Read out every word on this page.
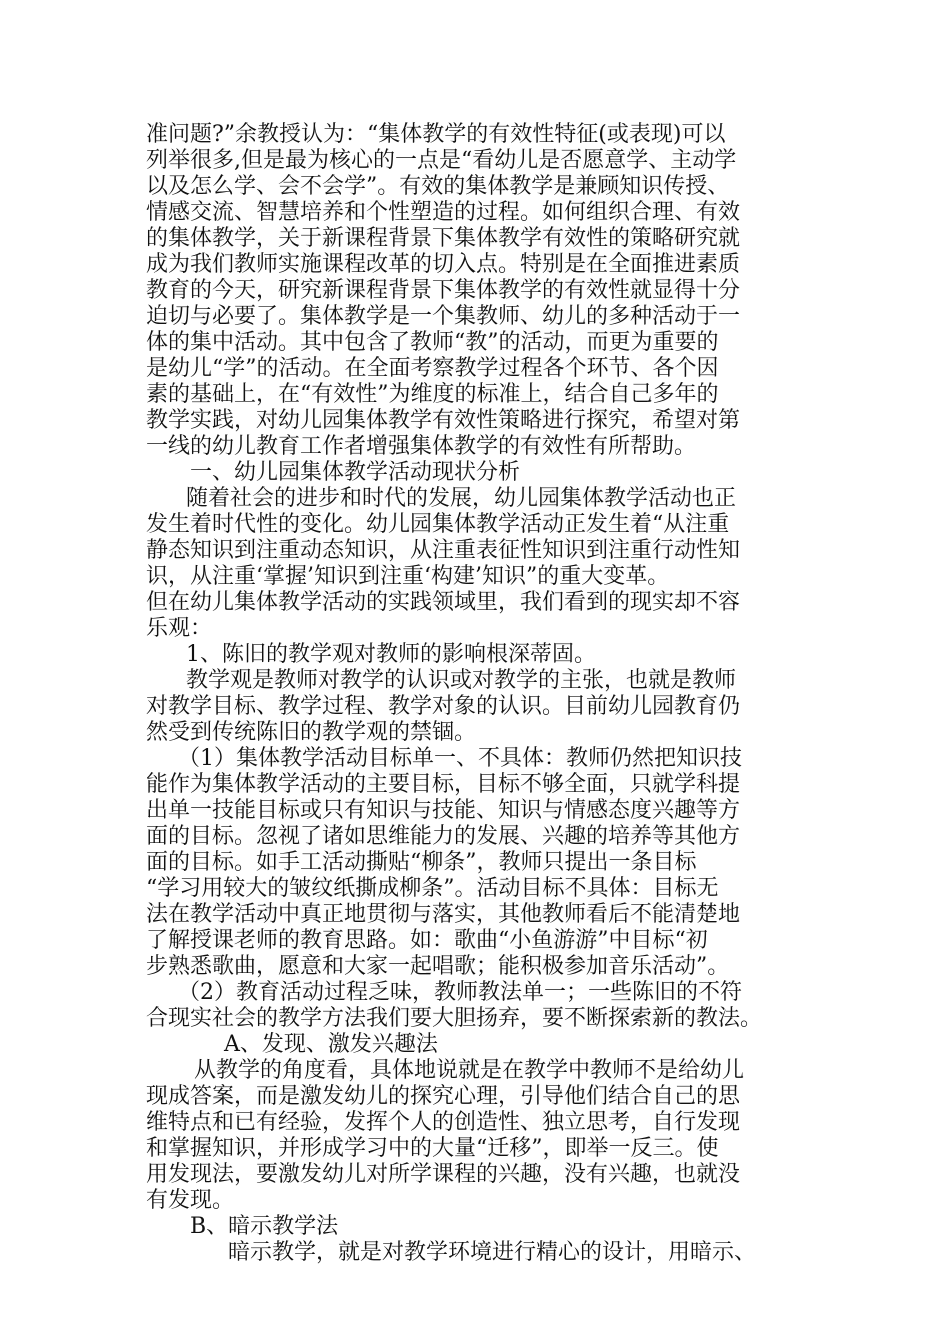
准问题?”余教授认为：“集体教学的有效性特征(或表现)可以
列举很多,但是最为核心的一点是“看幼儿是否愿意学、主动学
以及怎么学、会不会学”。有效的集体教学是兼顾知识传授、
情感交流、智慧培养和个性塑造的过程。如何组织合理、有效
的集体教学，关于新课程背景下集体教学有效性的策略研究就
成为我们教师实施课程改革的切入点。特别是在全面推进素质
教育的今天，研究新课程背景下集体教学的有效性就显得十分
迫切与必要了。集体教学是一个集教师、幼儿的多种活动于一
体的集中活动。其中包含了教师“教”的活动，而更为重要的
是幼儿“学”的活动。在全面考察教学过程各个环节、各个因
素的基础上，在“有效性”为维度的标准上，结合自己多年的
教学实践，对幼儿园集体教学有效性策略进行探究，希望对第
一线的幼儿教育工作者增强集体教学的有效性有所帮助。
一、幼儿园集体教学活动现状分析
随着社会的进步和时代的发展，幼儿园集体教学活动也正
发生着时代性的变化。幼儿园集体教学活动正发生着“从注重
静态知识到注重动态知识，从注重表征性知识到注重行动性知
识，从注重‘掌握’知识到注重‘构建’知识”的重大变革。
但在幼儿集体教学活动的实践领域里，我们看到的现实却不容
乐观：
1、陈旧的教学观对教师的影响根深蒂固。
教学观是教师对教学的认识或对教学的主张，也就是教师
对教学目标、教学过程、教学对象的认识。目前幼儿园教育仍
然受到传统陈旧的教学观的禁锢。
（1）集体教学活动目标单一、不具体：教师仍然把知识技
能作为集体教学活动的主要目标，目标不够全面，只就学科提
出单一技能目标或只有知识与技能、知识与情感态度兴趣等方
面的目标。忽视了诸如思维能力的发展、兴趣的培养等其他方
面的目标。如手工活动撕贴“柳条”，教师只提出一条目标
“学习用较大的皱纹纸撕成柳条”。活动目标不具体：目标无
法在教学活动中真正地贯彻与落实，其他教师看后不能清楚地
了解授课老师的教育思路。如：歌曲“小鱼游游”中目标“初
步熟悉歌曲，愿意和大家一起唱歌；能积极参加音乐活动”。
（2）教育活动过程乏味，教师教法单一；一些陈旧的不符
合现实社会的教学方法我们要大胆扬弃，要不断探索新的教法。
A、发现、激发兴趣法
从教学的角度看，具体地说就是在教学中教师不是给幼儿
现成答案，而是激发幼儿的探究心理，引导他们结合自己的思
维特点和已有经验，发挥个人的创造性、独立思考，自行发现
和掌握知识，并形成学习中的大量“迁移”，即举一反三。使
用发现法，要激发幼儿对所学课程的兴趣，没有兴趣，也就没
有发现。
B、暗示教学法
暗示教学，就是对教学环境进行精心的设计，用暗示、
